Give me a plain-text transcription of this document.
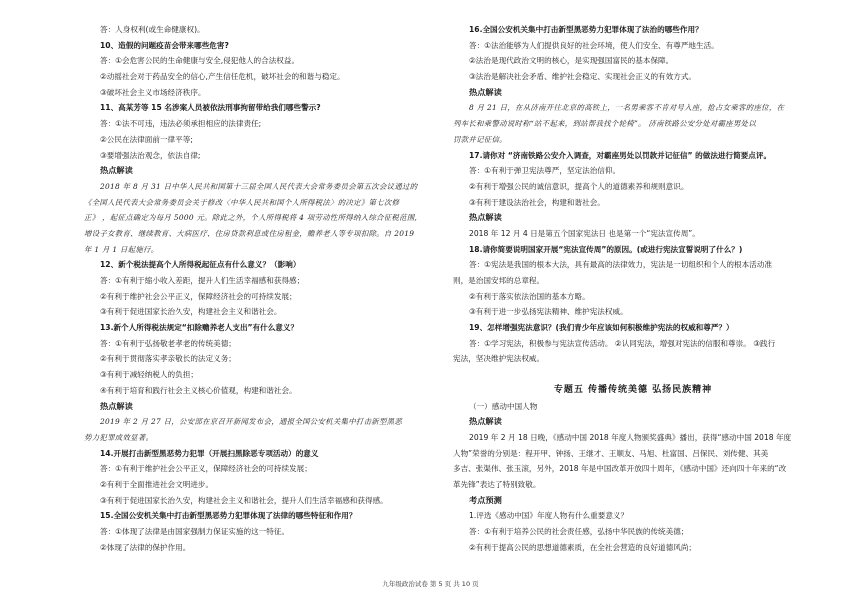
答：人身权利(或生命健康权)。
10、造假的问题疫苗会带来哪些危害?
答：①会危害公民的生命健康与安全,侵犯他人的合法权益。
②动摇社会对于药品安全的信心,产生信任危机，破坏社会的和谐与稳定。
③破坏社会主义市场经济秩序。
11、高某芳等 15 名涉案人员被依法刑事拘留带给我们哪些警示?
答：①法不可违，违法必须承担相应的法律责任;
②公民在法律面前一律平等;
③要增强法治观念，依法自律;
热点解读
2018 年 8 月 31 日中华人民共和国第十三届全国人民代表大会常务委员会第五次会议通过的
《全国人民代表大会常务委员会关于修改〈中华人民共和国个人所得税法〉的决定》第七次修
正》 ，起征点确定为每月 5000 元。除此之外，个人所得税将 4 项劳动性所得纳入综合征税范围,
增设子女教育、继续教育、大病医疗、住房贷款利息或住房租金，赡养老人等专项扣除。自 2019
年 1 月 1 日起施行。
12、新个税法提高个人所得税起征点有什么意义？（影响）
答：①有利于缩小收入差距，提升人们生活幸福感和获得感；
②有利于维护社会公平正义，保障经济社会的可持续发展；
③有利于促进国家长治久安，构建社会主义和谐社会。
13.新个人所得税法规定“扣除赡养老人支出”有什么意义？
答：①有利于弘扬敬老孝老的传统美德；
②有利于贯彻落实孝亲敬长的法定义务；
③有利于减轻纳税人的负担；
④有利于培育和践行社会主义核心价值观，构建和谐社会。
热点解读
2019 年 2 月 27 日，公安部在京召开新闻发布会，通报全国公安机关集中打击新型黑恶
势力犯罪成效显著。
14.开展打击新型黑恶势力犯罪（开展扫黑除恶专项活动）的意义
答：①有利于维护社会公平正义，保障经济社会的可持续发展；
②有利于全面推进社会文明进步。
③有利于促进国家长治久安，构建社会主义和谐社会，提升人们生活幸福感和获得感。
15.全国公安机关集中打击新型黑恶势力犯罪体现了法律的哪些特征和作用？
答：①体现了法律是由国家强制力保证实施的这一特征。
②体现了法律的保护作用。
16.全国公安机关集中打击新型黑恶势力犯罪体现了法治的哪些作用？
答：①法治能够为人们提供良好的社会环境，使人们安全、有尊严地生活。
②法治是现代政治文明的核心，是实现强国富民的基本保障。
③法治是解决社会矛盾、维护社会稳定、实现社会正义的有效方式。
热点解读
8 月 21 日，在从济南开往北京的高铁上，一名男乘客不肯对号入座，抢占女乘客的座位，在
列车长和乘警动说时称“站不起来，到站帮我找个轮椅”。 济南铁路公安分处对霸座男处以
罚款并记征信。
17.请你对 “济南铁路公安介入调查，对霸座男处以罚款并记征信” 的做法进行简要点评。
答：①有利于弹卫宪法尊严，坚定法治信仰。
②有利于增强公民的诚信意识，提高个人的道德素养和规则意识。
③有利于建设法治社会，构建和谐社会。
热点解读
2018 年 12 月 4 日是第五个国家宪法日 也是第一个“宪法宣传周”。
18.请你简要说明国家开展“宪法宣传周”的原因。(或进行宪法宣誓说明了什么？)
答：①宪法是我国的根本大法，具有最高的法律效力，宪法是一切组织和个人的根本活动准
则，是治国安邦的总章程。
②有利于落实依法治国的基本方略。
③有利于进一步弘扬宪法精神、维护宪法权威。
19、怎样增强宪法意识？(我们青少年应该如何积极维护宪法的权威和尊严？）
答：①学习宪法，积极参与宪法宣传活动。 ②认同宪法，增强对宪法的信服和尊崇。 ③践行
宪法，坚决维护宪法权威。
专题五 传播传统美德 弘扬民族精神
（一）感动中国人物
热点解读
2019 年 2 月 18 日晚，《感动中国 2018 年度人物颁奖盛典》播出，获得“感动中国 2018 年度
人物”荣誉的分别是：程开甲、钟扬、王继才、王顺友、马旭、杜富国、吕保民、刘传健、其美
多吉、张渠伟、张玉滚，另外，2018 年是中国改革开放四十周年，《感动中国》还向四十年来的“改
革先锋”表达了特别致敬。
考点预测
1.评选《感动中国》年度人物有什么重要意义？
答：①有利于培养公民的社会责任感，弘扬中华民族的传统美德；
②有利于提高公民的思想道德素质，在全社会营造的良好道德风尚；
九年级政治试卷 第 5 页 共 10 页
